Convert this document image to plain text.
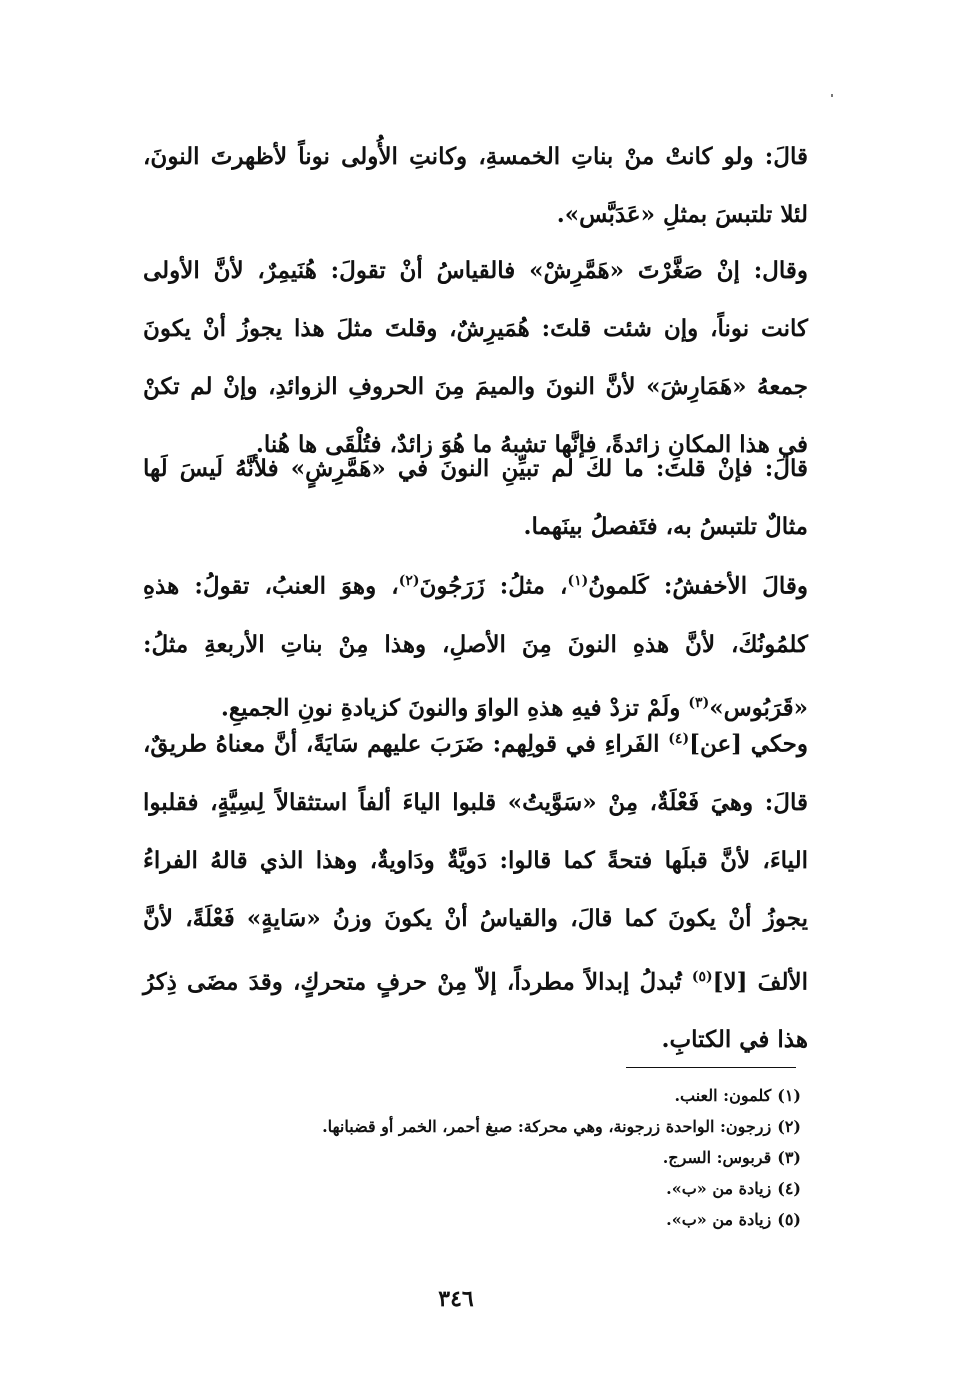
قالَ: ولو كانتْ منْ بناتِ الخمسةِ، وكانتِ الأُولى نوناً لأظهرتَ النونَ، لئلا تلتبسَ بمثلِ «عَدَبَّس».
وقال: إنْ صَغَّرْتَ «هَمَّرِشْ» فالقياسُ أنْ تقولَ: هُنَيمِرٌ، لأنَّ الأولى كانت نوناً، وإن شئت قلتَ: هُمَيرِشٌ، وقلتَ مثلَ هذا يجوزُ أنْ يكونَ جمعهُ «هَمَارِشَ» لأنَّ النونَ والميمَ مِنَ الحروفِ الزوائدِ، وإنْ لم تكنْ في هذا المكانِ زائدةً، فإنَّها تشبهُ ما هُوَ زائدٌ، فتُلْقَى ها هُنا.
قالَ: فإنْ قلتَ: ما لكَ لم تبيِّنِ النونَ في «هَمَّرِشٍ» فلأنَّهُ لَيسَ لَها مثالٌ تلتبسُ به، فتَفصلُ بينَهما.
وقالَ الأخفشُ: كَلمونُ$^{(١)}$، مثلُ: زَرَجُونَ$^{(٢)}$، وهوَ العنبُ، تقولُ: هذهِ كلمُونُكَ، لأنَّ هذهِ النونَ مِنَ الأصلِ، وهذا مِنْ بناتِ الأربعةِ مثلُ: «قَرَبُوس»$^{(٣)}$ ولَمْ تزدْ فيهِ هذهِ الواوَ والنونَ كزيادةِ نونِ الجميعِ.
وحكي [عن]$^{(٤)}$ الفَراءِ في قولِهم: ضَرَبَ عليهم سَايَةً، أنَّ معناهُ طريقٌ، قالَ: وهيَ فَعْلَةٌ، مِنْ «سَوَّيتُ» قلبوا الياءَ ألفاً استثقالاً لِسِيَّةٍ، فقلبوا الياءَ، لأنَّ قبلَها فتحةً كما قالوا: دَويَّةٌ ودَاويةٌ، وهذا الذي قالهُ الفراءُ يجوزُ أنْ يكونَ كما قالَ، والقياسُ أنْ يكونَ وزنُ «سَايةٍ» فَعْلَةً، لأنَّ الألفَ [لا]$^{(٥)}$ تُبدلُ إبدالاً مطرداً، إلاّ مِنْ حرفٍ متحركٍ، وقدَ مضَى ذِكرُ هذا في الكتابِ.
(١)كلمون: العنب.
(٢)زرجون: الواحدة زرجونة، وهي محركة: صبغ أحمر، الخمر أو قضبانها.
(٣)قربوس: السرج.
(٤)زيادة من «ب».
(٥)زيادة من «ب».
٣٤٦
